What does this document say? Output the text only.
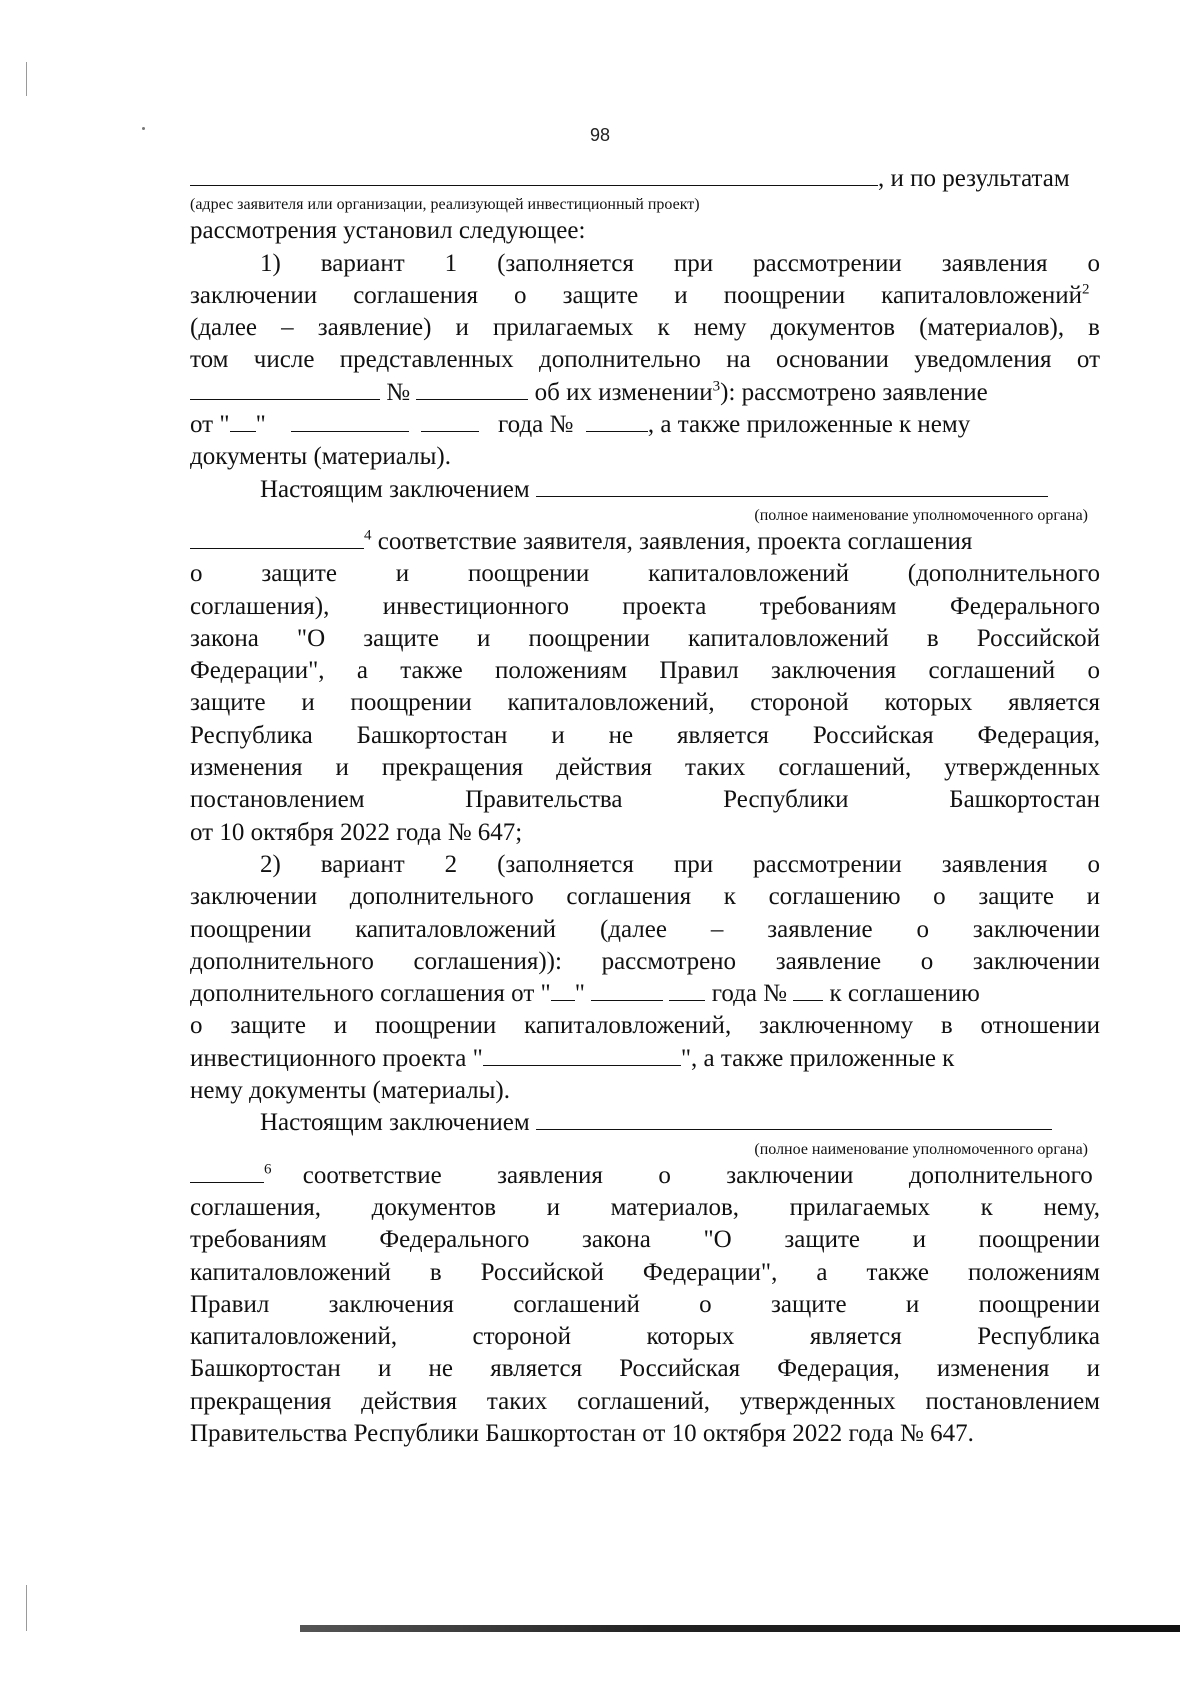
98
, и по результатам
(адрес заявителя или организации, реализующей инвестиционный проект)
рассмотрения установил следующее:
1) вариант 1 (заполняется при рассмотрении заявления о
заключении соглашения о защите и поощрении капиталовложений$^2$
(далее – заявление) и прилагаемых к нему документов (материалов), в
том числе представленных дополнительно на основании уведомления от
№	об их изменении$^3$): рассмотрено заявление
от " "	года №	, а также приложенные к нему
документы (материалы).
Настоящим заключением
(полное наименование уполномоченного органа)
$^4$ соответствие заявителя, заявления, проекта соглашения
о защите и поощрении капиталовложений (дополнительного
соглашения), инвестиционного проекта требованиям Федерального
закона "О защите и поощрении капиталовложений в Российской
Федерации", а также положениям Правил заключения соглашений о
защите и поощрении капиталовложений, стороной которых является
Республика Башкортостан и не является Российская Федерация,
изменения и прекращения действия таких соглашений, утвержденных
постановлением Правительства Республики Башкортостан
от 10 октября 2022 года № 647;
2) вариант 2 (заполняется при рассмотрении заявления о
заключении дополнительного соглашения к соглашению о защите и
поощрении капиталовложений (далее – заявление о заключении
дополнительного соглашения)): рассмотрено заявление о заключении
дополнительного соглашения от " "	года № к соглашению
о защите и поощрении капиталовложений, заключенному в отношении
инвестиционного проекта "	", а также приложенные к
нему документы (материалы).
Настоящим заключением
(полное наименование уполномоченного органа)
$^6$ соответствие заявления о заключении дополнительного
соглашения, документов и материалов, прилагаемых к нему,
требованиям Федерального закона "О защите и поощрении
капиталовложений в Российской Федерации", а также положениям
Правил заключения соглашений о защите и поощрении
капиталовложений, стороной которых является Республика
Башкортостан и не является Российская Федерация, изменения и
прекращения действия таких соглашений, утвержденных постановлением
Правительства Республики Башкортостан от 10 октября 2022 года № 647.
